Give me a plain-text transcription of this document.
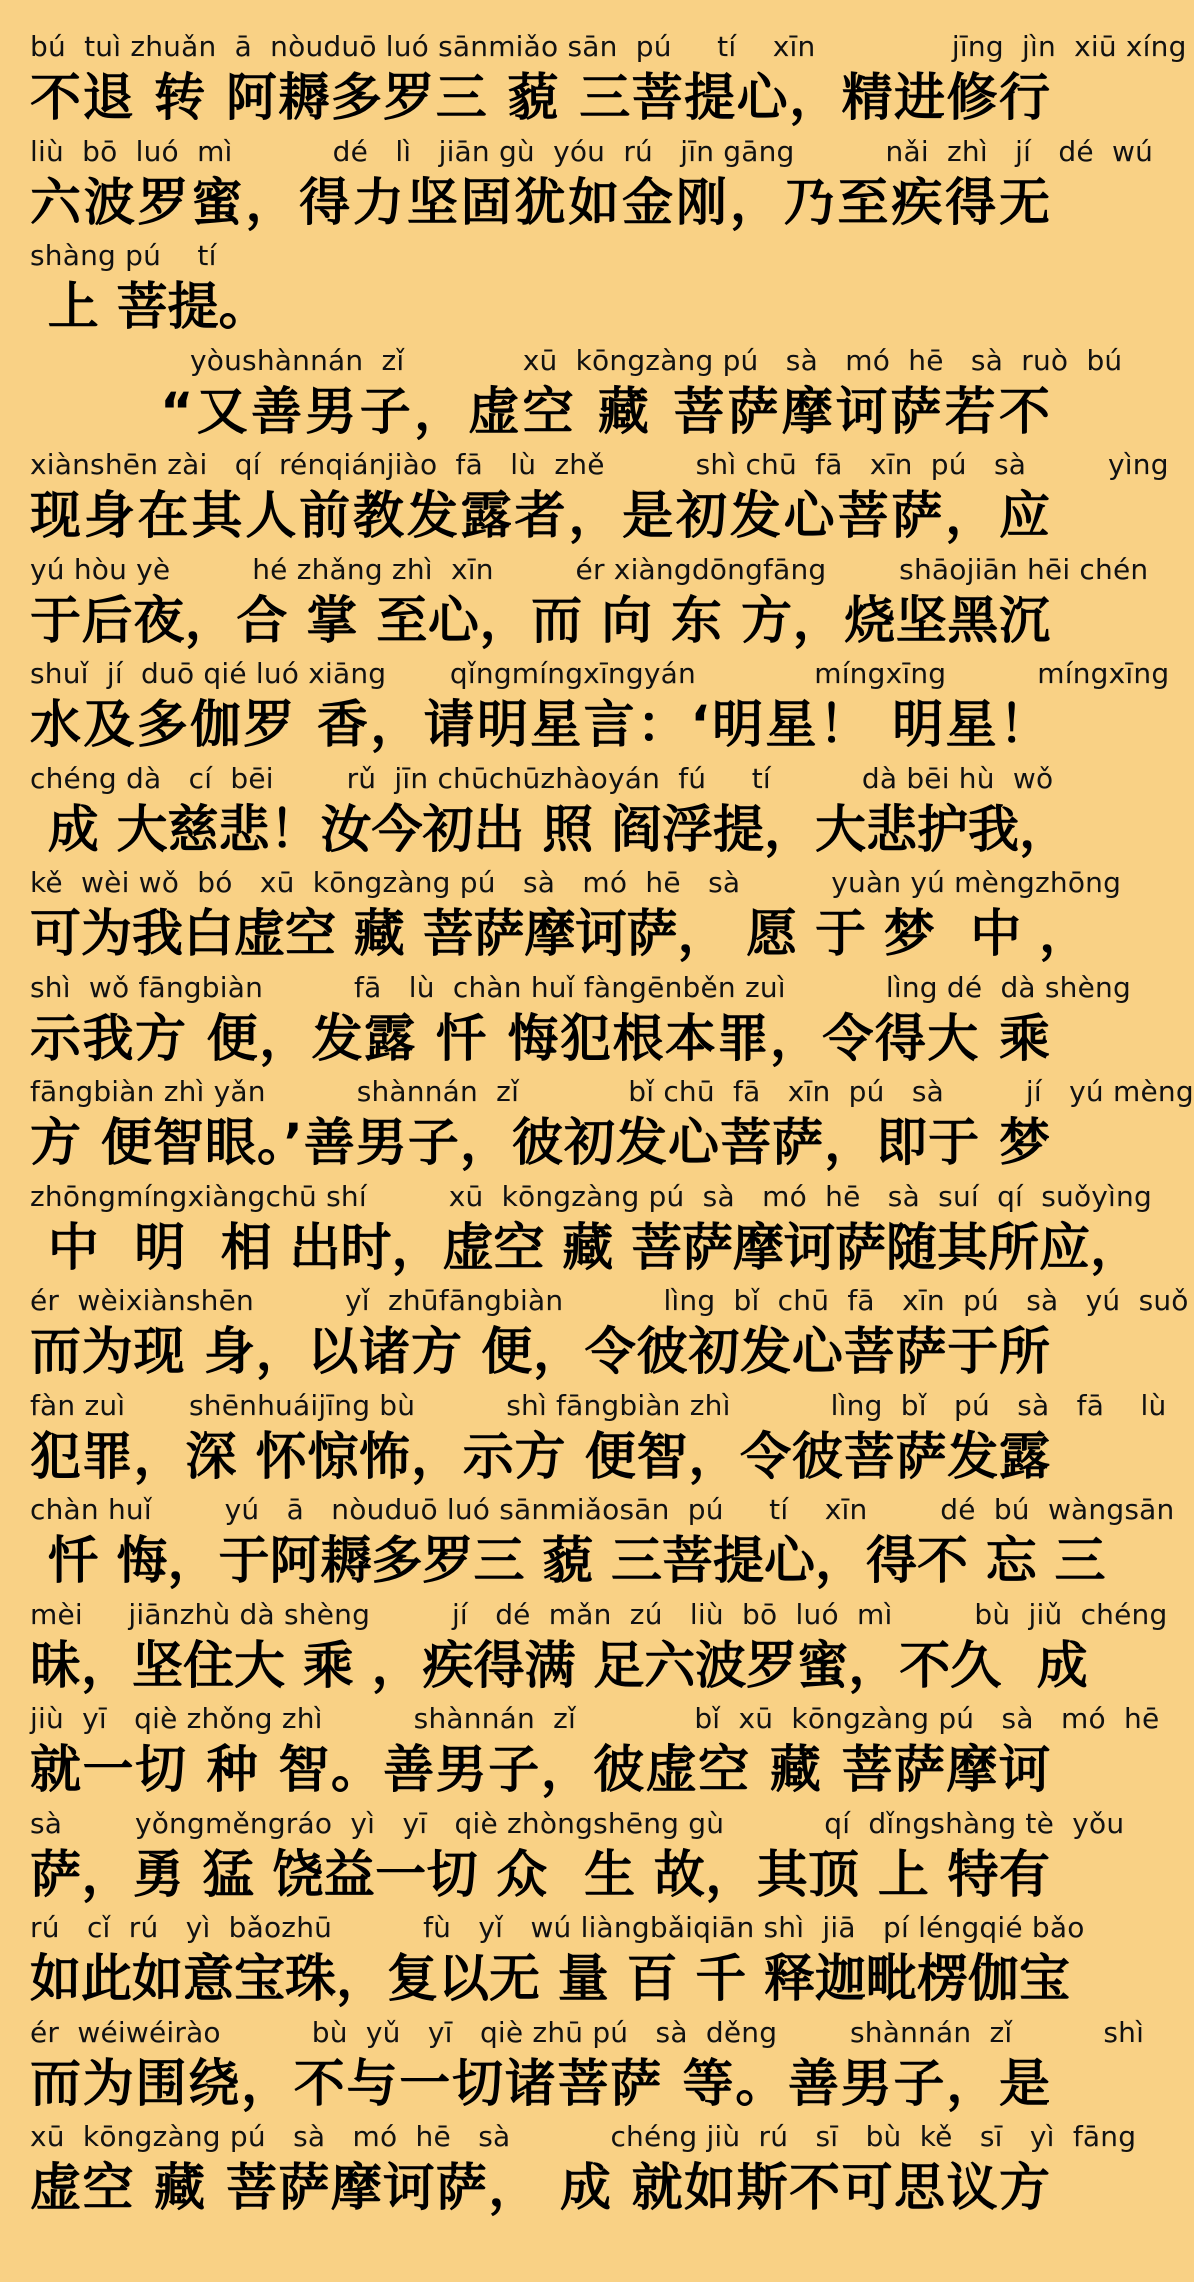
bú  tuì zhuǎn  ā  nòuduō luó sānmiǎo sān  pú     tí    xīn               jīng  jìn  xiū xíng
不退 转 阿耨多罗三 藐 三菩提心，精进修行
liù  bō  luó  mì           dé   lì   jiān gù  yóu  rú   jīn gāng          nǎi  zhì   jí   dé  wú
六波罗蜜，得力坚固犹如金刚，乃至疾得无
shàng pú    tí
上 菩提。
yòushànnán  zǐ             xū  kōngzàng pú   sà   mó  hē   sà  ruò  bú
“又善男子，虚空 藏 菩萨摩诃萨若不
xiànshēn zài   qí  rénqiánjiào  fā   lù  zhě          shì chū  fā   xīn  pú   sà         yìng
现身在其人前教发露者，是初发心菩萨，应
yú hòu yè         hé zhǎng zhì  xīn         ér xiàngdōngfāng        shāojiān hēi chén
于后夜，合 掌 至心，而 向 东 方，烧坚黑沉
shuǐ  jí  duō qié luó xiāng       qǐngmíngxīngyán             míngxīng          míngxīng
水及多伽罗 香，请明星言：‘明星！ 明星！
chéng dà   cí  bēi        rǔ  jīn chūchūzhàoyán  fú     tí          dà bēi hù  wǒ
成 大慈悲！汝今初出 照 阎浮提，大悲护我，
kě  wèi wǒ  bó   xū  kōngzàng pú   sà   mó  hē   sà          yuàn yú mèngzhōng
可为我白虚空 藏 菩萨摩诃萨， 愿 于 梦  中 ，
shì  wǒ fāngbiàn          fā   lù  chàn huǐ fàngēnběn zuì           lìng dé  dà shèng
示我方 便，发露 忏 悔犯根本罪，令得大 乘
fāngbiàn zhì yǎn          shànnán  zǐ            bǐ chū  fā   xīn  pú   sà         jí   yú mèng
方 便智眼。’善男子，彼初发心菩萨，即于 梦
zhōngmíngxiàngchū shí         xū  kōngzàng pú  sà   mó  hē   sà  suí  qí  suǒyìng
中  明  相 出时，虚空 藏 菩萨摩诃萨随其所应，
ér  wèixiànshēn          yǐ  zhūfāngbiàn           lìng  bǐ  chū  fā   xīn  pú   sà   yú  suǒ
而为现 身，以诸方 便，令彼初发心菩萨于所
fàn zuì       shēnhuáijīng bù          shì fāngbiàn zhì           lìng  bǐ   pú   sà   fā    lù
犯罪，深 怀惊怖，示方 便智，令彼菩萨发露
chàn huǐ        yú   ā   nòuduō luó sānmiǎosān  pú     tí    xīn        dé  bú  wàngsān
忏 悔，于阿耨多罗三 藐 三菩提心，得不 忘 三
mèi     jiānzhù dà shèng         jí   dé  mǎn  zú   liù  bō  luó  mì         bù  jiǔ  chéng
昧，坚住大 乘 ，疾得满 足六波罗蜜，不久  成
jiù  yī   qiè zhǒng zhì          shànnán  zǐ             bǐ  xū  kōngzàng pú   sà   mó  hē
就一切 种 智。善男子，彼虚空 藏 菩萨摩诃
sà        yǒngměngráo  yì   yī   qiè zhòngshēng gù           qí  dǐngshàng tè  yǒu
萨，勇 猛 饶益一切 众  生 故，其顶 上 特有
rú   cǐ  rú   yì  bǎozhū          fù   yǐ   wú liàngbǎiqiān shì  jiā   pí léngqié bǎo
如此如意宝珠，复以无 量 百 千 释迦毗楞伽宝
ér  wéiwéirào          bù  yǔ   yī   qiè zhū pú   sà  děng        shànnán  zǐ          shì
而为围绕，不与一切诸菩萨 等。善男子，是
xū  kōngzàng pú   sà   mó  hē   sà           chéng jiù  rú   sī   bù  kě   sī   yì  fāng
虚空 藏 菩萨摩诃萨， 成 就如斯不可思议方
